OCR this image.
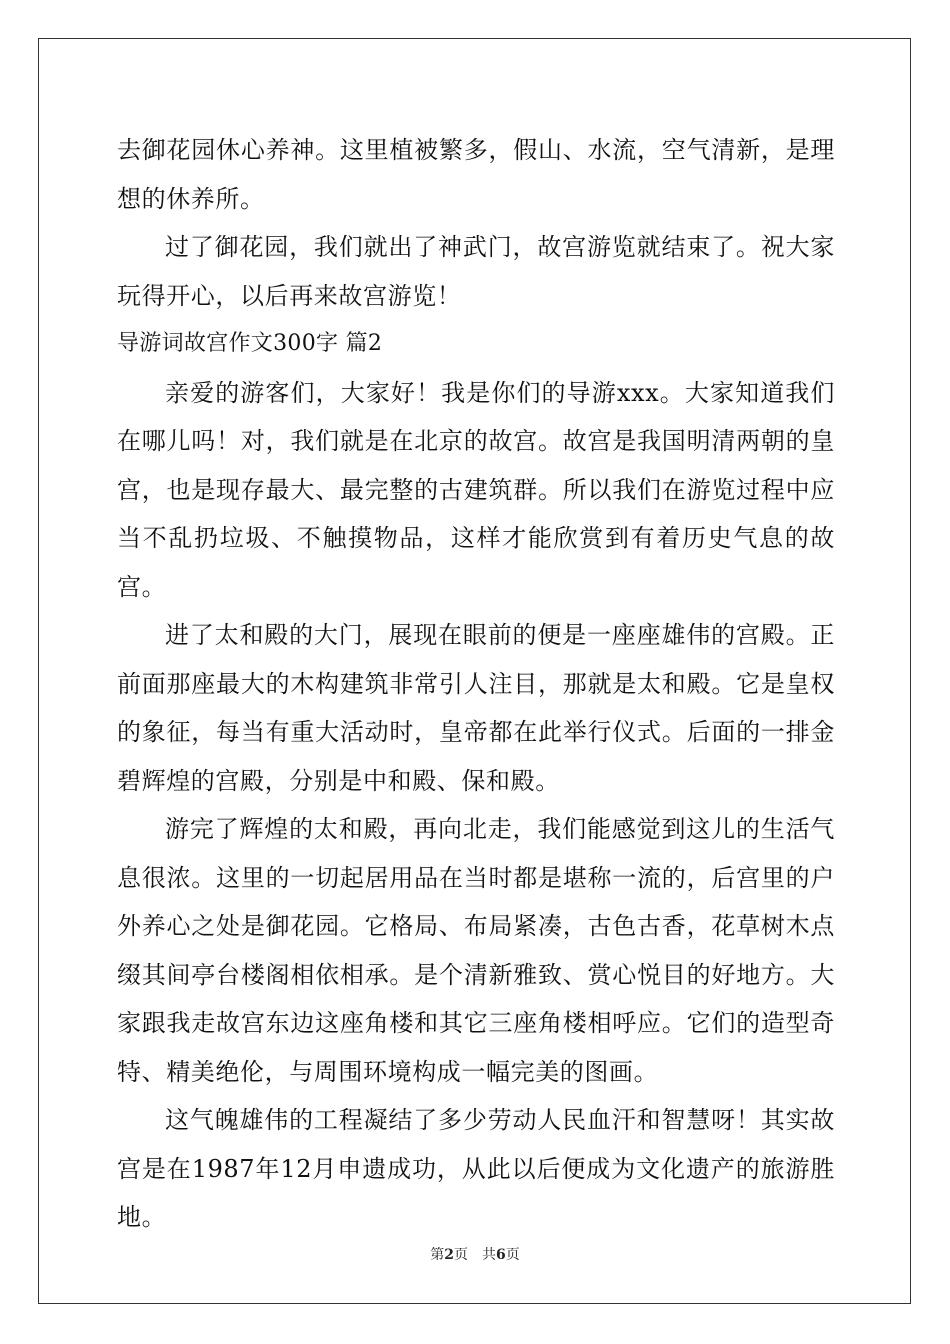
去御花园休心养神。这里植被繁多，假山、水流，空气清新，是理想的休养所。

过了御花园，我们就出了神武门，故宫游览就结束了。祝大家玩得开心，以后再来故宫游览！

导游词故宫作文300字 篇2

亲爱的游客们，大家好！我是你们的导游xxx。大家知道我们在哪儿吗！对，我们就是在北京的故宫。故宫是我国明清两朝的皇宫，也是现存最大、最完整的古建筑群。所以我们在游览过程中应当不乱扔垃圾、不触摸物品，这样才能欣赏到有着历史气息的故宫。

进了太和殿的大门，展现在眼前的便是一座座雄伟的宫殿。正前面那座最大的木构建筑非常引人注目，那就是太和殿。它是皇权的象征，每当有重大活动时，皇帝都在此举行仪式。后面的一排金碧辉煌的宫殿，分别是中和殿、保和殿。

游完了辉煌的太和殿，再向北走，我们能感觉到这儿的生活气息很浓。这里的一切起居用品在当时都是堪称一流的，后宫里的户外养心之处是御花园。它格局、布局紧凑，古色古香，花草树木点缀其间亭台楼阁相依相承。是个清新雅致、赏心悦目的好地方。大家跟我走故宫东边这座角楼和其它三座角楼相呼应。它们的造型奇特、精美绝伦，与周围环境构成一幅完美的图画。

这气魄雄伟的工程凝结了多少劳动人民血汗和智慧呀！其实故宫是在1987年12月申遗成功，从此以后便成为文化遗产的旅游胜地。

第2页 共6页
